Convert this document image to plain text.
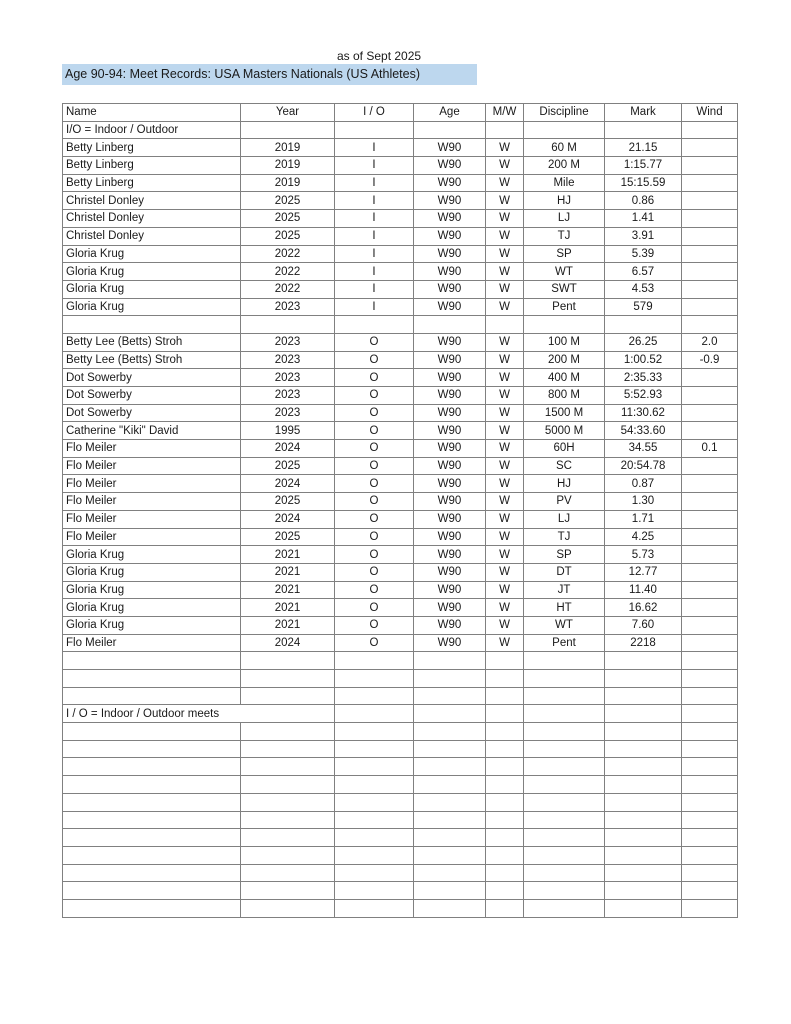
as of Sept 2025
Age 90-94: Meet Records: USA Masters Nationals (US Athletes)
Name	Year	I / O	Age	M/W	Discipline	Mark	Wind
I/O = Indoor / Outdoor							
Betty Linberg	2019	I	W90	W	60 M	21.15	
Betty Linberg	2019	I	W90	W	200 M	1:15.77	
Betty Linberg	2019	I	W90	W	Mile	15:15.59	
Christel Donley	2025	I	W90	W	HJ	0.86	
Christel Donley	2025	I	W90	W	LJ	1.41	
Christel Donley	2025	I	W90	W	TJ	3.91	
Gloria Krug	2022	I	W90	W	SP	5.39	
Gloria Krug	2022	I	W90	W	WT	6.57	
Gloria Krug	2022	I	W90	W	SWT	4.53	
Gloria Krug	2023	I	W90	W	Pent	579	

Betty Lee (Betts) Stroh	2023	O	W90	W	100 M	26.25	2.0
Betty Lee (Betts) Stroh	2023	O	W90	W	200 M	1:00.52	-0.9
Dot Sowerby	2023	O	W90	W	400 M	2:35.33	
Dot Sowerby	2023	O	W90	W	800 M	5:52.93	
Dot Sowerby	2023	O	W90	W	1500 M	11:30.62	
Catherine "Kiki" David	1995	O	W90	W	5000 M	54:33.60	
Flo Meiler	2024	O	W90	W	60H	34.55	0.1
Flo Meiler	2025	O	W90	W	SC	20:54.78	
Flo Meiler	2024	O	W90	W	HJ	0.87	
Flo Meiler	2025	O	W90	W	PV	1.30	
Flo Meiler	2024	O	W90	W	LJ	1.71	
Flo Meiler	2025	O	W90	W	TJ	4.25	
Gloria Krug	2021	O	W90	W	SP	5.73	
Gloria Krug	2021	O	W90	W	DT	12.77	
Gloria Krug	2021	O	W90	W	JT	11.40	
Gloria Krug	2021	O	W90	W	HT	16.62	
Gloria Krug	2021	O	W90	W	WT	7.60	
Flo Meiler	2024	O	W90	W	Pent	2218	

I / O = Indoor / Outdoor meets							
